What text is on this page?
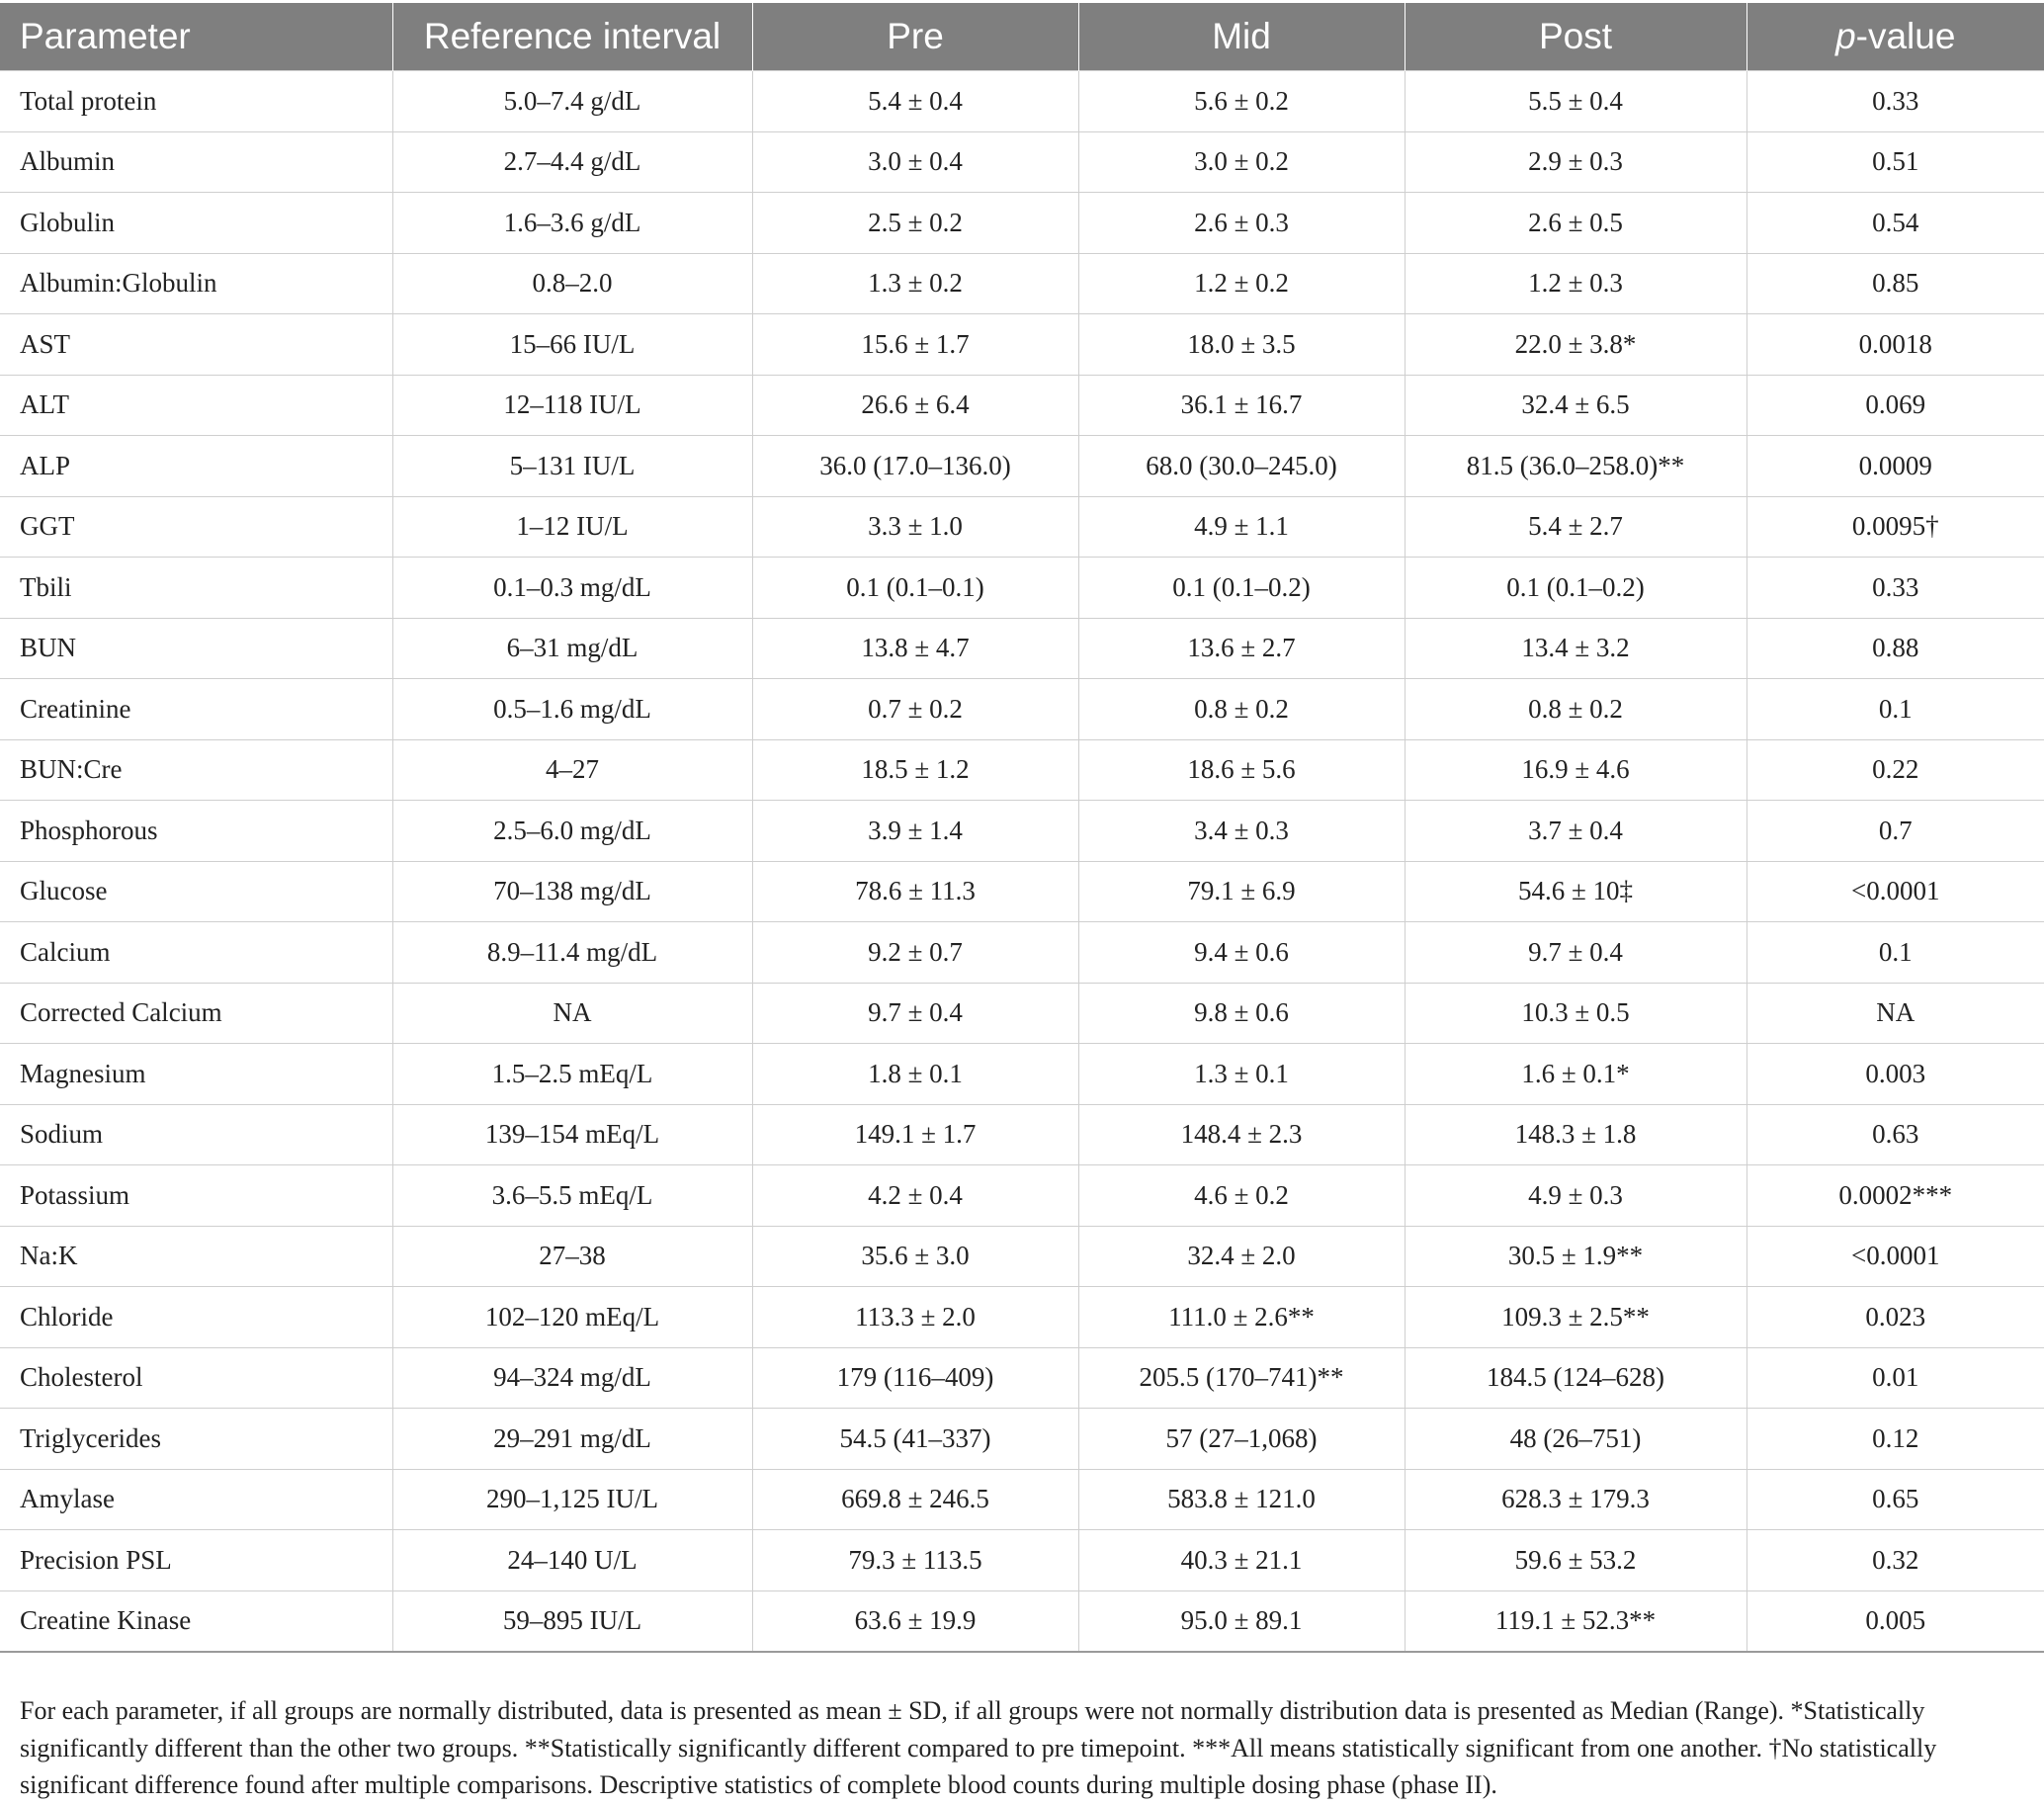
Parameter	Reference interval	Pre	Mid	Post	p-value
Total protein	5.0–7.4 g/dL	5.4 ± 0.4	5.6 ± 0.2	5.5 ± 0.4	0.33
Albumin	2.7–4.4 g/dL	3.0 ± 0.4	3.0 ± 0.2	2.9 ± 0.3	0.51
Globulin	1.6–3.6 g/dL	2.5 ± 0.2	2.6 ± 0.3	2.6 ± 0.5	0.54
Albumin:Globulin	0.8–2.0	1.3 ± 0.2	1.2 ± 0.2	1.2 ± 0.3	0.85
AST	15–66 IU/L	15.6 ± 1.7	18.0 ± 3.5	22.0 ± 3.8*	0.0018
ALT	12–118 IU/L	26.6 ± 6.4	36.1 ± 16.7	32.4 ± 6.5	0.069
ALP	5–131 IU/L	36.0 (17.0–136.0)	68.0 (30.0–245.0)	81.5 (36.0–258.0)**	0.0009
GGT	1–12 IU/L	3.3 ± 1.0	4.9 ± 1.1	5.4 ± 2.7	0.0095†
Tbili	0.1–0.3 mg/dL	0.1 (0.1–0.1)	0.1 (0.1–0.2)	0.1 (0.1–0.2)	0.33
BUN	6–31 mg/dL	13.8 ± 4.7	13.6 ± 2.7	13.4 ± 3.2	0.88
Creatinine	0.5–1.6 mg/dL	0.7 ± 0.2	0.8 ± 0.2	0.8 ± 0.2	0.1
BUN:Cre	4–27	18.5 ± 1.2	18.6 ± 5.6	16.9 ± 4.6	0.22
Phosphorous	2.5–6.0 mg/dL	3.9 ± 1.4	3.4 ± 0.3	3.7 ± 0.4	0.7
Glucose	70–138 mg/dL	78.6 ± 11.3	79.1 ± 6.9	54.6 ± 10‡	<0.0001
Calcium	8.9–11.4 mg/dL	9.2 ± 0.7	9.4 ± 0.6	9.7 ± 0.4	0.1
Corrected Calcium	NA	9.7 ± 0.4	9.8 ± 0.6	10.3 ± 0.5	NA
Magnesium	1.5–2.5 mEq/L	1.8 ± 0.1	1.3 ± 0.1	1.6 ± 0.1*	0.003
Sodium	139–154 mEq/L	149.1 ± 1.7	148.4 ± 2.3	148.3 ± 1.8	0.63
Potassium	3.6–5.5 mEq/L	4.2 ± 0.4	4.6 ± 0.2	4.9 ± 0.3	0.0002***
Na:K	27–38	35.6 ± 3.0	32.4 ± 2.0	30.5 ± 1.9**	<0.0001
Chloride	102–120 mEq/L	113.3 ± 2.0	111.0 ± 2.6**	109.3 ± 2.5**	0.023
Cholesterol	94–324 mg/dL	179 (116–409)	205.5 (170–741)**	184.5 (124–628)	0.01
Triglycerides	29–291 mg/dL	54.5 (41–337)	57 (27–1,068)	48 (26–751)	0.12
Amylase	290–1,125 IU/L	669.8 ± 246.5	583.8 ± 121.0	628.3 ± 179.3	0.65
Precision PSL	24–140 U/L	79.3 ± 113.5	40.3 ± 21.1	59.6 ± 53.2	0.32
Creatine Kinase	59–895 IU/L	63.6 ± 19.9	95.0 ± 89.1	119.1 ± 52.3**	0.005

For each parameter, if all groups are normally distributed, data is presented as mean ± SD, if all groups were not normally distribution data is presented as Median (Range). *Statistically significantly different than the other two groups. **Statistically significantly different compared to pre timepoint. ***All means statistically significant from one another. †No statistically significant difference found after multiple comparisons. Descriptive statistics of complete blood counts during multiple dosing phase (phase II).
